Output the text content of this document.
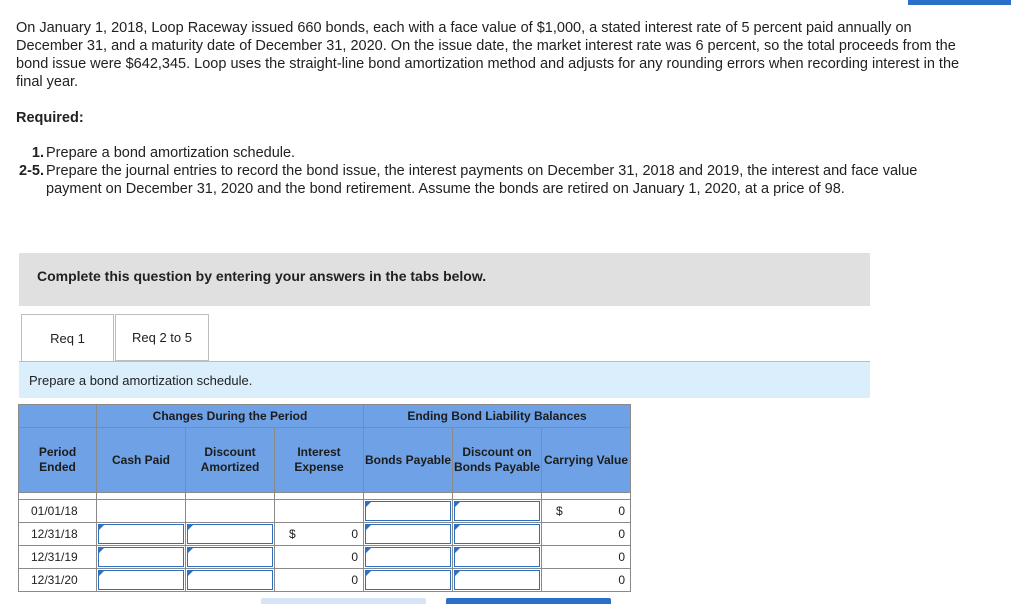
On January 1, 2018, Loop Raceway issued 660 bonds, each with a face value of $1,000, a stated interest rate of 5 percent paid annually on December 31, and a maturity date of December 31, 2020. On the issue date, the market interest rate was 6 percent, so the total proceeds from the bond issue were $642,345. Loop uses the straight-line bond amortization method and adjusts for any rounding errors when recording interest in the final year.

Required:

1. Prepare a bond amortization schedule.
2-5. Prepare the journal entries to record the bond issue, the interest payments on December 31, 2018 and 2019, the interest and face value payment on December 31, 2020 and the bond retirement. Assume the bonds are retired on January 1, 2020, at a price of 98.
Complete this question by entering your answers in the tabs below.
Req 1	Req 2 to 5
Prepare a bond amortization schedule.
	Changes During the Period			Ending Bond Liability Balances		
Period Ended	Cash Paid	Discount Amortized	Interest Expense	Bonds Payable	Discount on Bonds Payable	Carrying Value

01/01/18						$ 0

12/31/18			$ 0			0

12/31/19			0			0

12/31/20			0			0
